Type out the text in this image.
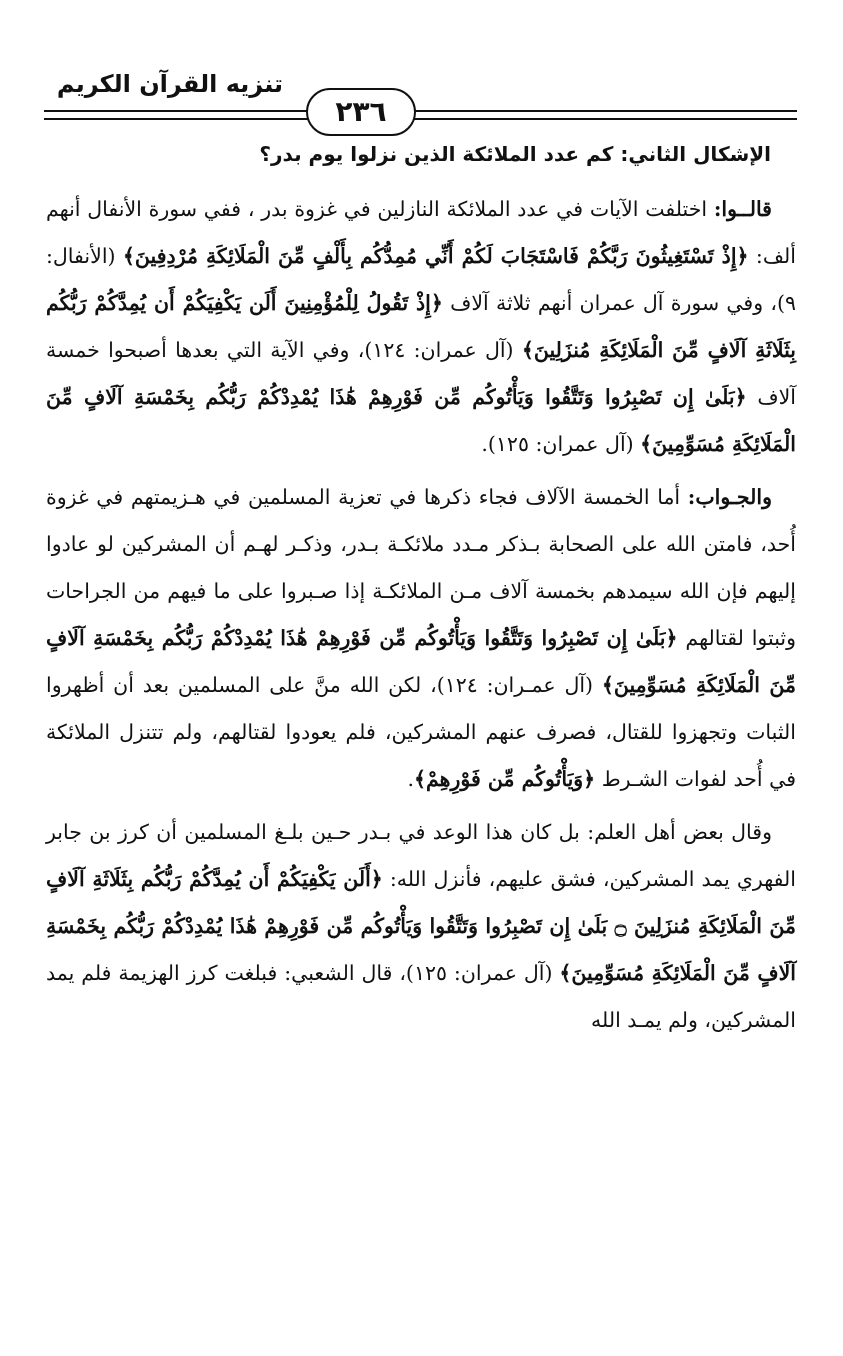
تنزيه القرآن الكريم
٢٣٦
الإشكال الثاني: كم عدد الملائكة الذين نزلوا يوم بدر؟

قالــوا: اختلفت الآيات في عدد الملائكة النازلين في غزوة بدر ، ففي سورة الأنفال أنهم ألف: ﴿إِذْ تَسْتَغِيثُونَ رَبَّكُمْ فَاسْتَجَابَ لَكُمْ أَنِّي مُمِدُّكُم بِأَلْفٍ مِّنَ الْمَلَائِكَةِ مُرْدِفِينَ﴾ (الأنفال: ٩)، وفي سورة آل عمران أنهم ثلاثة آلاف ﴿إِذْ تَقُولُ لِلْمُؤْمِنِينَ أَلَن يَكْفِيَكُمْ أَن يُمِدَّكُمْ رَبُّكُم بِثَلَاثَةِ آلَافٍ مِّنَ الْمَلَائِكَةِ مُنزَلِينَ﴾ (آل عمران: ١٢٤)، وفي الآية التي بعدها أصبحوا خمسة آلاف ﴿بَلَىٰ إِن تَصْبِرُوا وَتَتَّقُوا وَيَأْتُوكُم مِّن فَوْرِهِمْ هَٰذَا يُمْدِدْكُمْ رَبُّكُم بِخَمْسَةِ آلَافٍ مِّنَ الْمَلَائِكَةِ مُسَوِّمِينَ﴾ (آل عمران: ١٢٥).

والجـواب: أما الخمسة الآلاف فجاء ذكرها في تعزية المسلمين في هـزيمتهم في غزوة أُحد، فامتن الله على الصحابة بـذكر مـدد ملائكـة بـدر، وذكـر لهـم أن المشركين لو عادوا إليهم فإن الله سيمدهم بخمسة آلاف مـن الملائكـة إذا صـبروا على ما فيهم من الجراحات وثبتوا لقتالهم ﴿بَلَىٰ إِن تَصْبِرُوا وَتَتَّقُوا وَيَأْتُوكُم مِّن فَوْرِهِمْ هَٰذَا يُمْدِدْكُمْ رَبُّكُم بِخَمْسَةِ آلَافٍ مِّنَ الْمَلَائِكَةِ مُسَوِّمِينَ﴾ (آل عمـران: ١٢٤)، لكن الله منَّ على المسلمين بعد أن أظهروا الثبات وتجهزوا للقتال، فصرف عنهم المشركين، فلم يعودوا لقتالهم، ولم تتنزل الملائكة في أُحد لفوات الشـرط ﴿وَيَأْتُوكُم مِّن فَوْرِهِمْ﴾.

وقال بعض أهل العلم: بل كان هذا الوعد في بـدر حـين بلـغ المسلمين أن كرز بن جابر الفهري يمد المشركين، فشق عليهم، فأنزل الله: ﴿أَلَن يَكْفِيَكُمْ أَن يُمِدَّكُمْ رَبُّكُم بِثَلَاثَةِ آلَافٍ مِّنَ الْمَلَائِكَةِ مُنزَلِينَ ۝ بَلَىٰ إِن تَصْبِرُوا وَتَتَّقُوا وَيَأْتُوكُم مِّن فَوْرِهِمْ هَٰذَا يُمْدِدْكُمْ رَبُّكُم بِخَمْسَةِ آلَافٍ مِّنَ الْمَلَائِكَةِ مُسَوِّمِينَ﴾ (آل عمران: ١٢٥)، قال الشعبي: فبلغت كرز الهزيمة فلم يمد المشركين، ولم يمـد الله
